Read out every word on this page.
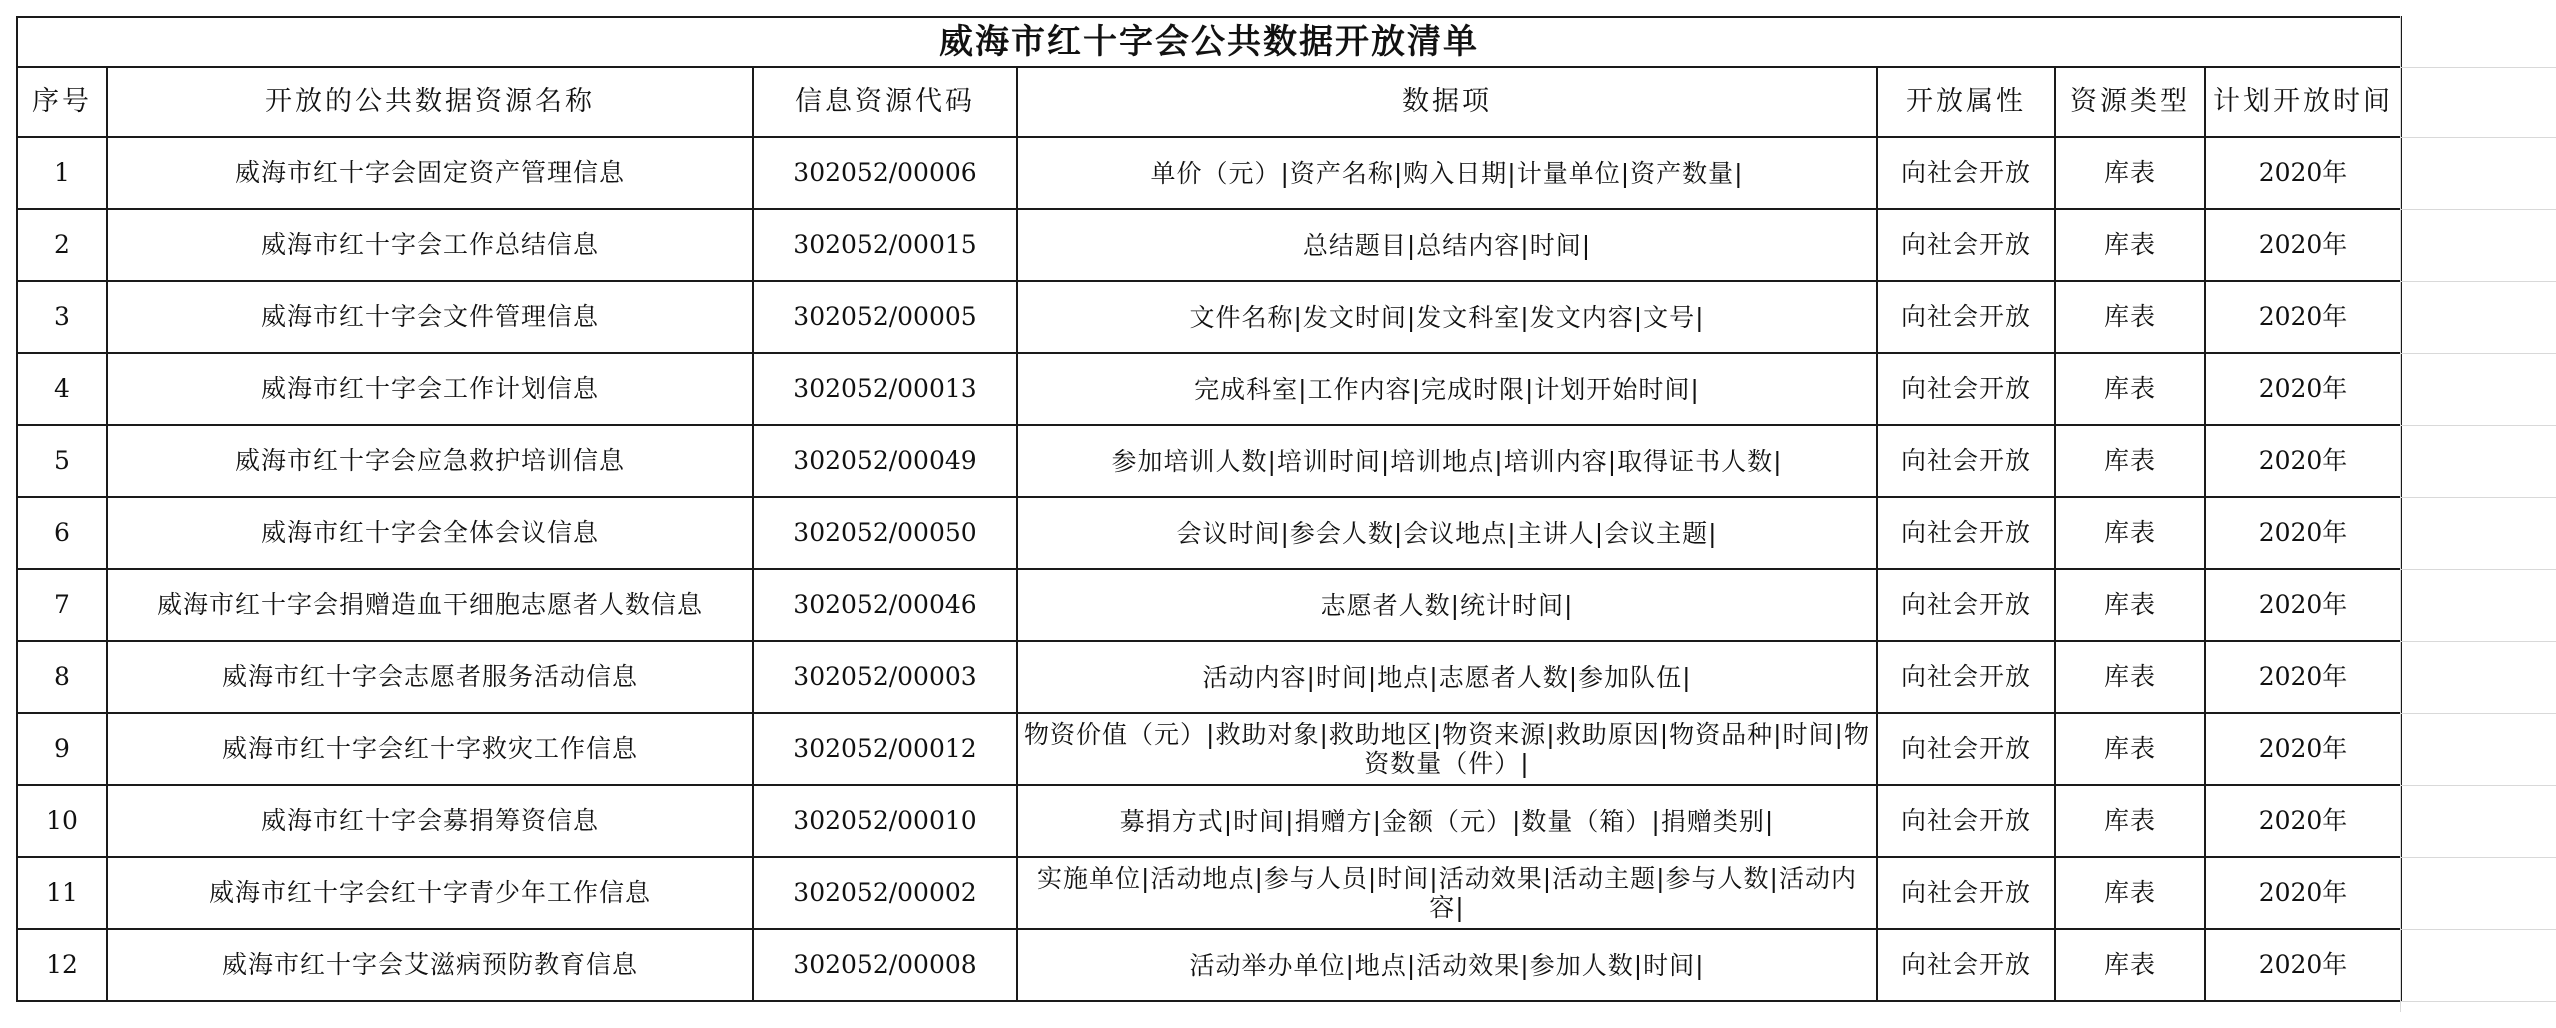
威海市红十字会公共数据开放清单						
序号	开放的公共数据资源名称	信息资源代码	数据项	开放属性	资源类型	计划开放时间
1	威海市红十字会固定资产管理信息	302052/00006	单价（元）|资产名称|购入日期|计量单位|资产数量|	向社会开放	库表	2020年
2	威海市红十字会工作总结信息	302052/00015	总结题目|总结内容|时间|	向社会开放	库表	2020年
3	威海市红十字会文件管理信息	302052/00005	文件名称|发文时间|发文科室|发文内容|文号|	向社会开放	库表	2020年
4	威海市红十字会工作计划信息	302052/00013	完成科室|工作内容|完成时限|计划开始时间|	向社会开放	库表	2020年
5	威海市红十字会应急救护培训信息	302052/00049	参加培训人数|培训时间|培训地点|培训内容|取得证书人数|	向社会开放	库表	2020年
6	威海市红十字会全体会议信息	302052/00050	会议时间|参会人数|会议地点|主讲人|会议主题|	向社会开放	库表	2020年
7	威海市红十字会捐赠造血干细胞志愿者人数信息	302052/00046	志愿者人数|统计时间|	向社会开放	库表	2020年
8	威海市红十字会志愿者服务活动信息	302052/00003	活动内容|时间|地点|志愿者人数|参加队伍|	向社会开放	库表	2020年
9	威海市红十字会红十字救灾工作信息	302052/00012	物资价值（元）|救助对象|救助地区|物资来源|救助原因|物资品种|时间|物资数量（件）|	向社会开放	库表	2020年
10	威海市红十字会募捐筹资信息	302052/00010	募捐方式|时间|捐赠方|金额（元）|数量（箱）|捐赠类别|	向社会开放	库表	2020年
11	威海市红十字会红十字青少年工作信息	302052/00002	实施单位|活动地点|参与人员|时间|活动效果|活动主题|参与人数|活动内容|	向社会开放	库表	2020年
12	威海市红十字会艾滋病预防教育信息	302052/00008	活动举办单位|地点|活动效果|参加人数|时间|	向社会开放	库表	2020年
